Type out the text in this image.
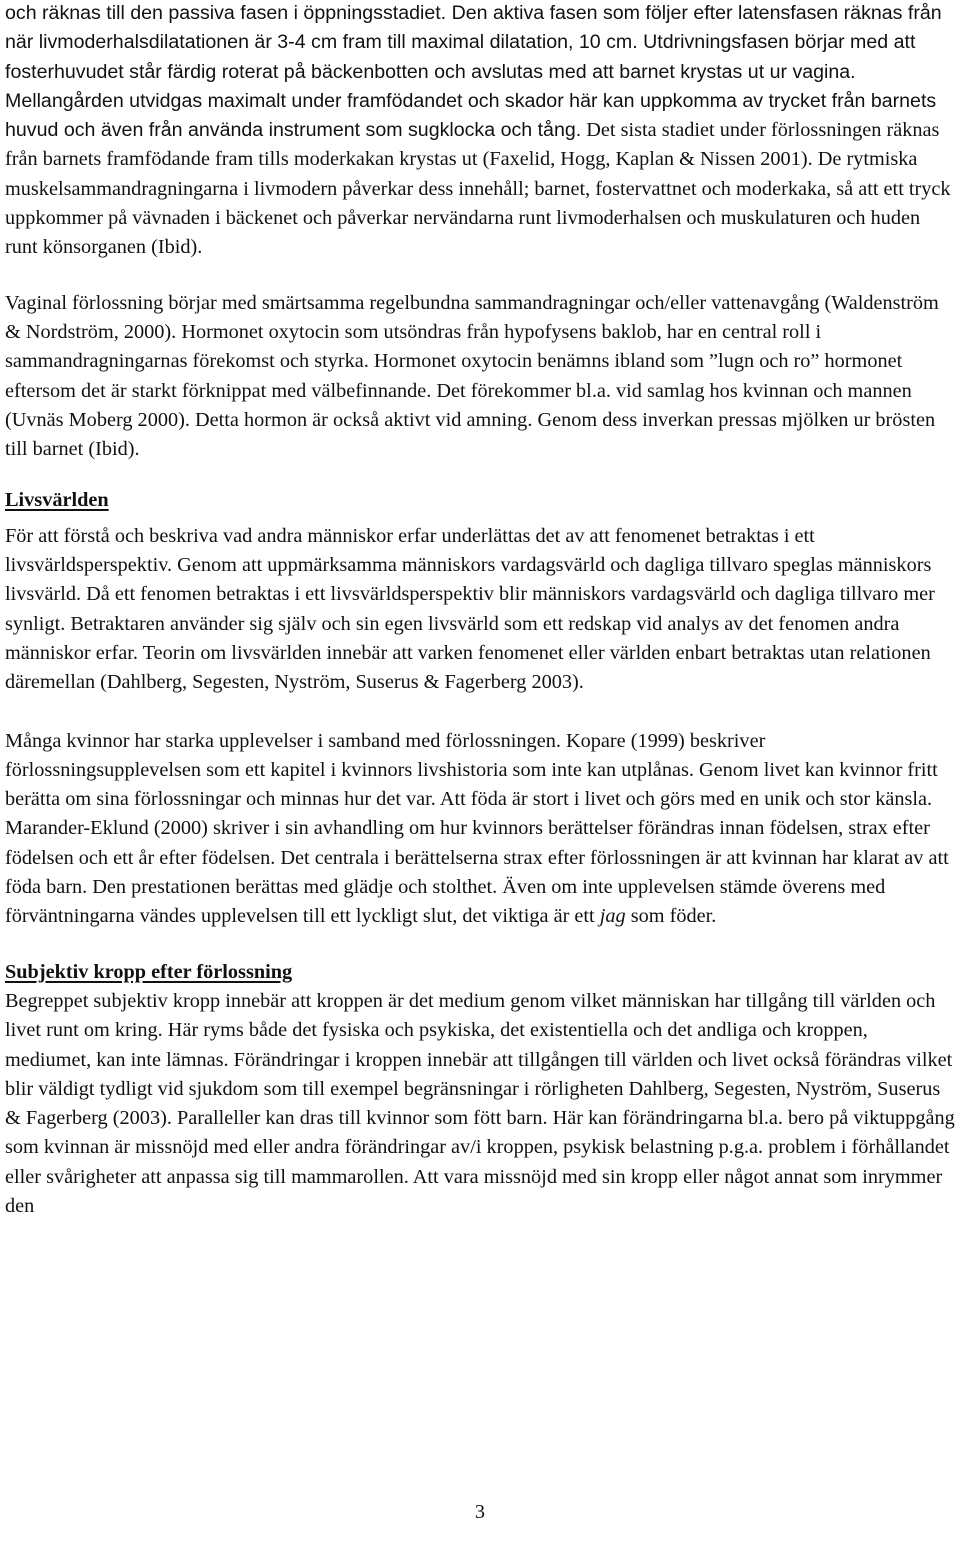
och räknas till den passiva fasen i öppningsstadiet. Den aktiva fasen som följer efter latensfasen räknas från när livmoderhalsdilatationen är 3-4 cm fram till maximal dilatation, 10 cm. Utdrivningsfasen börjar med att fosterhuvudet står färdig roterat på bäckenbotten och avslutas med att barnet krystas ut ur vagina. Mellangården utvidgas maximalt under framfödandet och skador här kan uppkomma av trycket från barnets huvud och även från använda instrument som sugklocka och tång. Det sista stadiet under förlossningen räknas från barnets framfödande fram tills moderkakan krystas ut (Faxelid, Hogg, Kaplan & Nissen 2001). De rytmiska muskelsammandragningarna i livmodern påverkar dess innehåll; barnet, fostervattnet och moderkaka, så att ett tryck uppkommer på vävnaden i bäckenet och påverkar nervändarna runt livmoderhalsen och muskulaturen och huden runt könsorganen (Ibid).

Vaginal förlossning börjar med smärtsamma regelbundna sammandragningar och/eller vattenavgång (Waldenström & Nordström, 2000). Hormonet oxytocin som utsöndras från hypofysens baklob, har en central roll i sammandragningarnas förekomst och styrka. Hormonet oxytocin benämns ibland som ”lugn och ro” hormonet eftersom det är starkt förknippat med välbefinnande. Det förekommer bl.a. vid samlag hos kvinnan och mannen (Uvnäs Moberg 2000). Detta hormon är också aktivt vid amning. Genom dess inverkan pressas mjölken ur brösten till barnet (Ibid).

Livsvärlden

För att förstå och beskriva vad andra människor erfar underlättas det av att fenomenet betraktas i ett livsvärldsperspektiv. Genom att uppmärksamma människors vardagsvärld och dagliga tillvaro speglas människors livsvärld. Då ett fenomen betraktas i ett livsvärldsperspektiv blir människors vardagsvärld och dagliga tillvaro mer synligt. Betraktaren använder sig själv och sin egen livsvärld som ett redskap vid analys av det fenomen andra människor erfar. Teorin om livsvärlden innebär att varken fenomenet eller världen enbart betraktas utan relationen däremellan (Dahlberg, Segesten, Nyström, Suserus & Fagerberg 2003).

Många kvinnor har starka upplevelser i samband med förlossningen. Kopare (1999) beskriver förlossningsupplevelsen som ett kapitel i kvinnors livshistoria som inte kan utplånas. Genom livet kan kvinnor fritt berätta om sina förlossningar och minnas hur det var. Att föda är stort i livet och görs med en unik och stor känsla. Marander-Eklund (2000) skriver i sin avhandling om hur kvinnors berättelser förändras innan födelsen, strax efter födelsen och ett år efter födelsen. Det centrala i berättelserna strax efter förlossningen är att kvinnan har klarat av att föda barn. Den prestationen berättas med glädje och stolthet. Även om inte upplevelsen stämde överens med förväntningarna vändes upplevelsen till ett lyckligt slut, det viktiga är ett jag som föder.

Subjektiv kropp efter förlossning

Begreppet subjektiv kropp innebär att kroppen är det medium genom vilket människan har tillgång till världen och livet runt om kring. Här ryms både det fysiska och psykiska, det existentiella och det andliga och kroppen, mediumet, kan inte lämnas. Förändringar i kroppen innebär att tillgången till världen och livet också förändras vilket blir väldigt tydligt vid sjukdom som till exempel begränsningar i rörligheten Dahlberg, Segesten, Nyström, Suserus & Fagerberg (2003). Paralleller kan dras till kvinnor som fött barn. Här kan förändringarna bl.a. bero på viktuppgång som kvinnan är missnöjd med eller andra förändringar av/i kroppen, psykisk belastning p.g.a. problem i förhållandet eller svårigheter att anpassa sig till mammarollen. Att vara missnöjd med sin kropp eller något annat som inrymmer den

3
